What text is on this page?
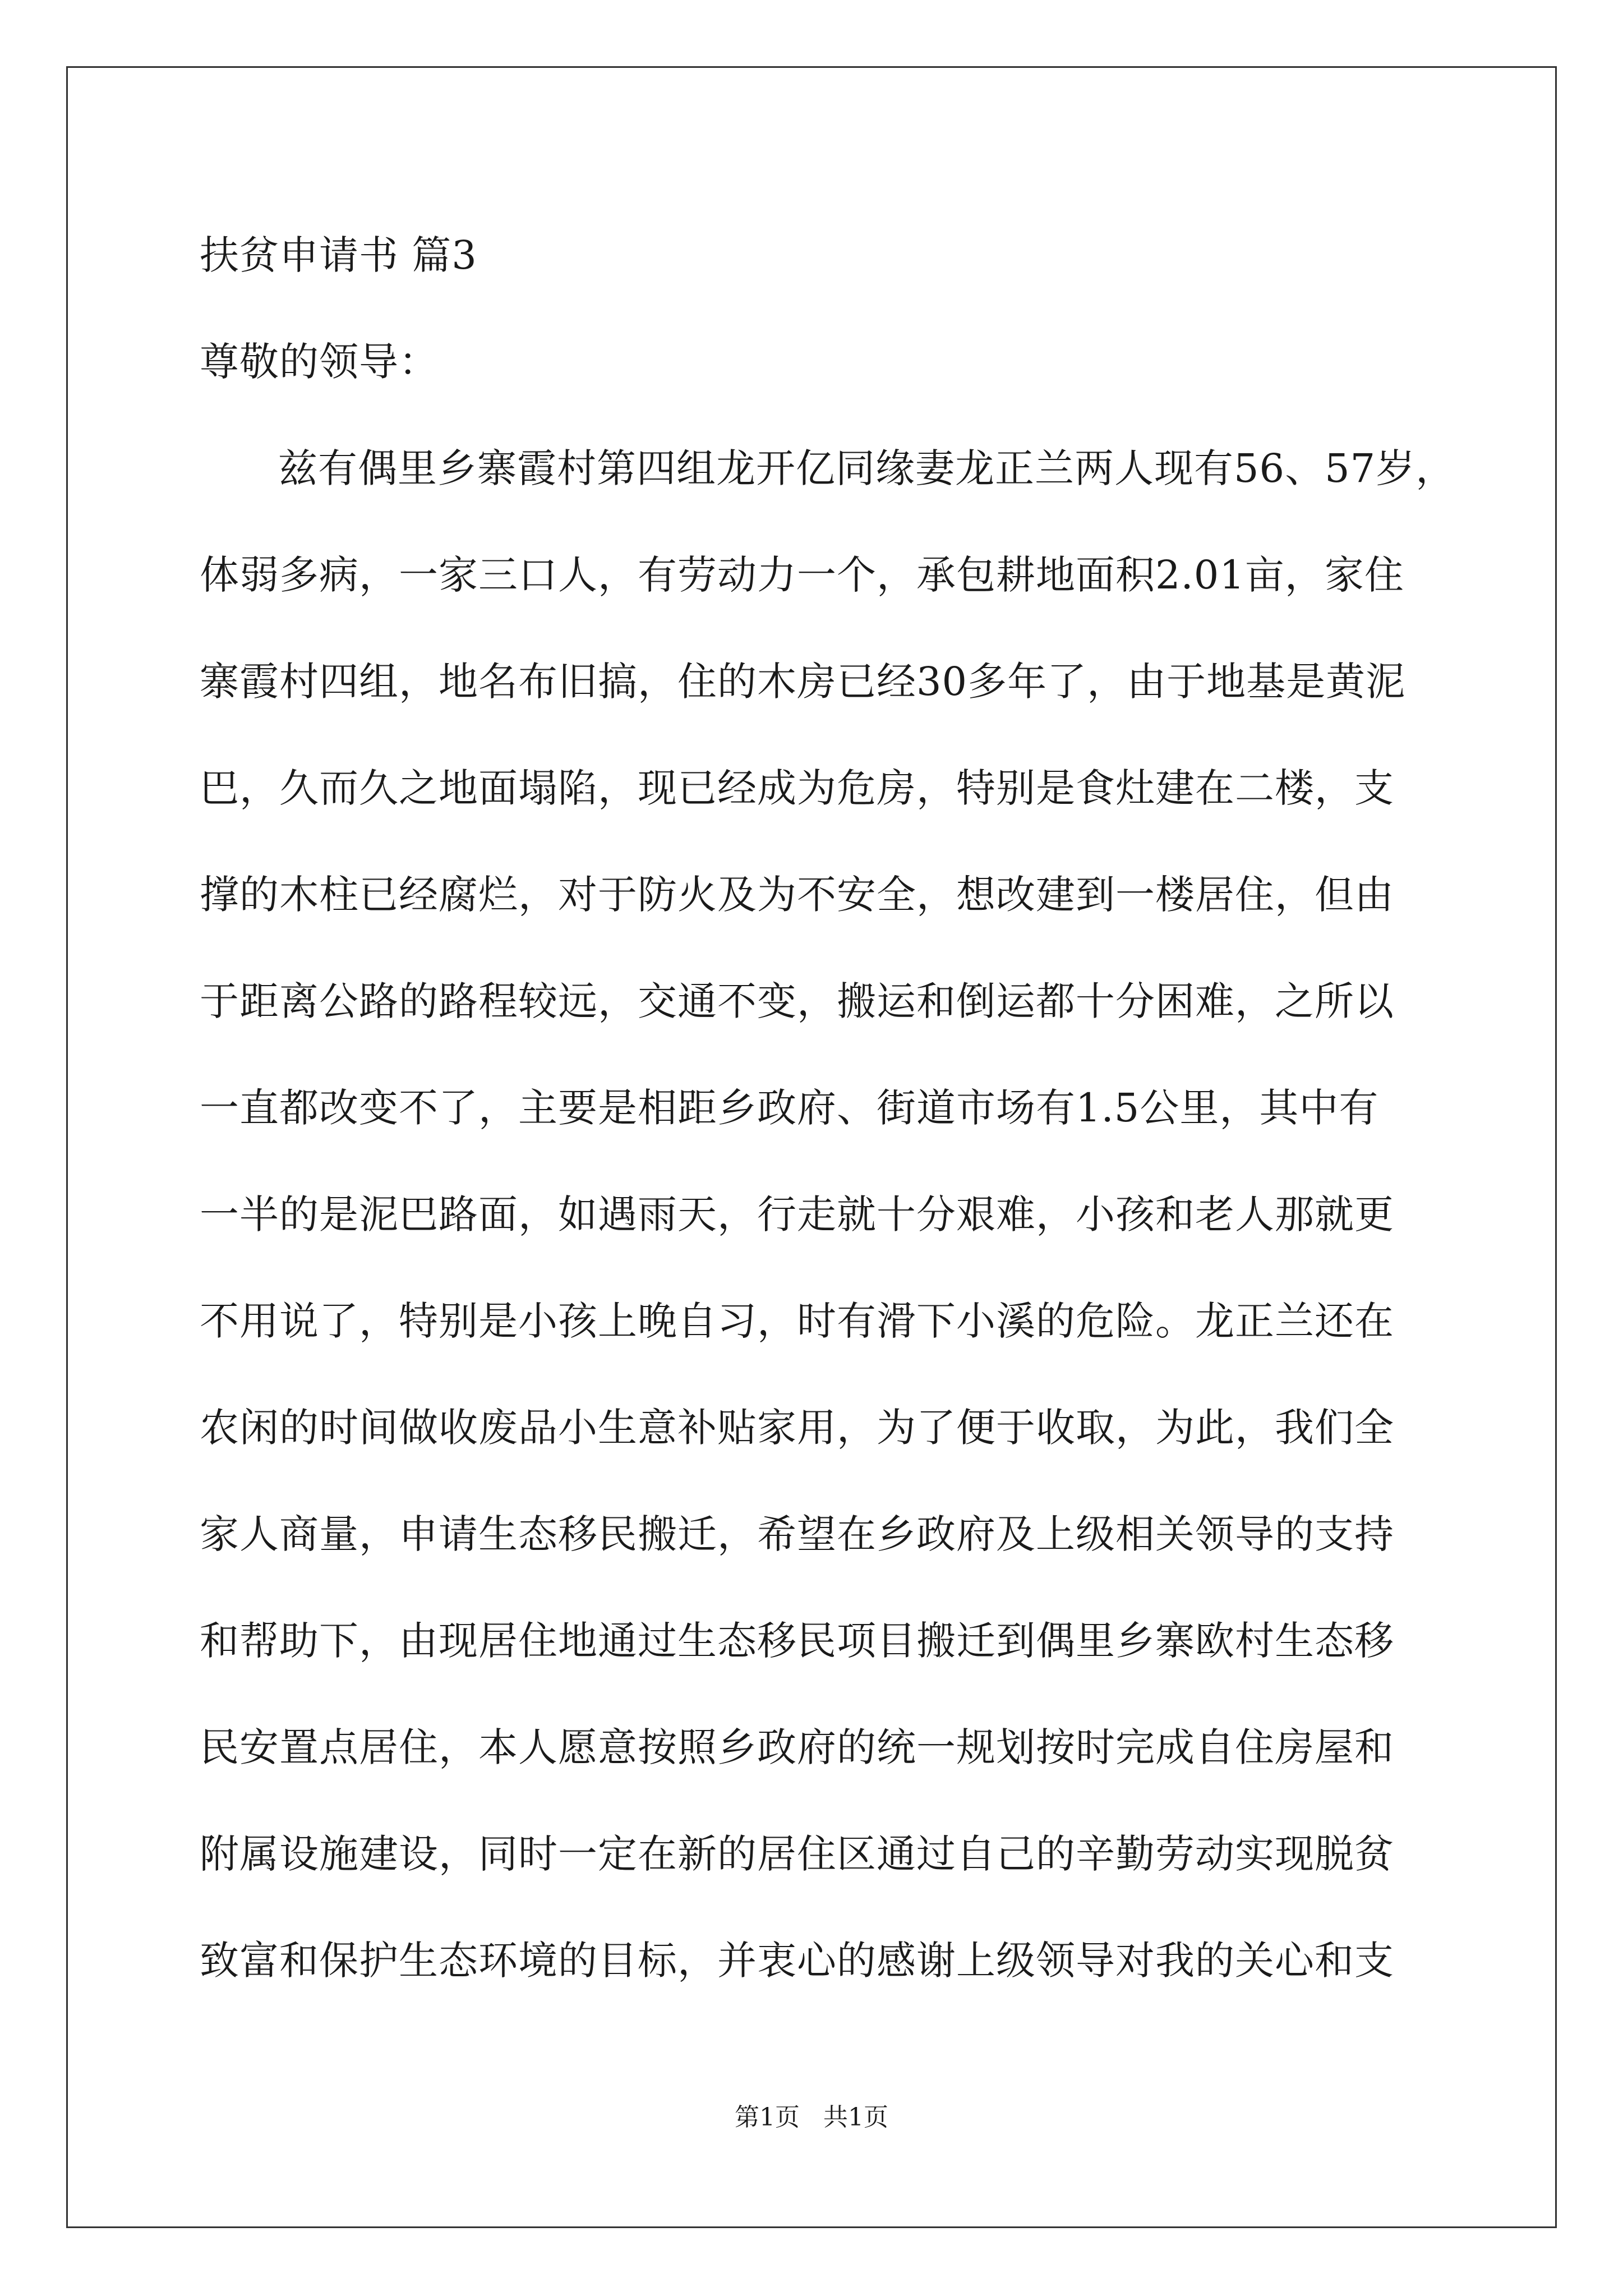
扶贫申请书 篇3
尊敬的领导：
兹有偶里乡寨霞村第四组龙开亿同缘妻龙正兰两人现有56、57岁，
体弱多病，一家三口人，有劳动力一个，承包耕地面积2.01亩，家住
寨霞村四组，地名布旧搞，住的木房已经30多年了，由于地基是黄泥
巴，久而久之地面塌陷，现已经成为危房，特别是食灶建在二楼，支
撑的木柱已经腐烂，对于防火及为不安全，想改建到一楼居住，但由
于距离公路的路程较远，交通不变，搬运和倒运都十分困难，之所以
一直都改变不了，主要是相距乡政府、街道市场有1.5公里，其中有
一半的是泥巴路面，如遇雨天，行走就十分艰难，小孩和老人那就更
不用说了，特别是小孩上晚自习，时有滑下小溪的危险。龙正兰还在
农闲的时间做收废品小生意补贴家用，为了便于收取，为此，我们全
家人商量，申请生态移民搬迁，希望在乡政府及上级相关领导的支持
和帮助下，由现居住地通过生态移民项目搬迁到偶里乡寨欧村生态移
民安置点居住，本人愿意按照乡政府的统一规划按时完成自住房屋和
附属设施建设，同时一定在新的居住区通过自己的辛勤劳动实现脱贫
致富和保护生态环境的目标，并衷心的感谢上级领导对我的关心和支
第1页   共1页
